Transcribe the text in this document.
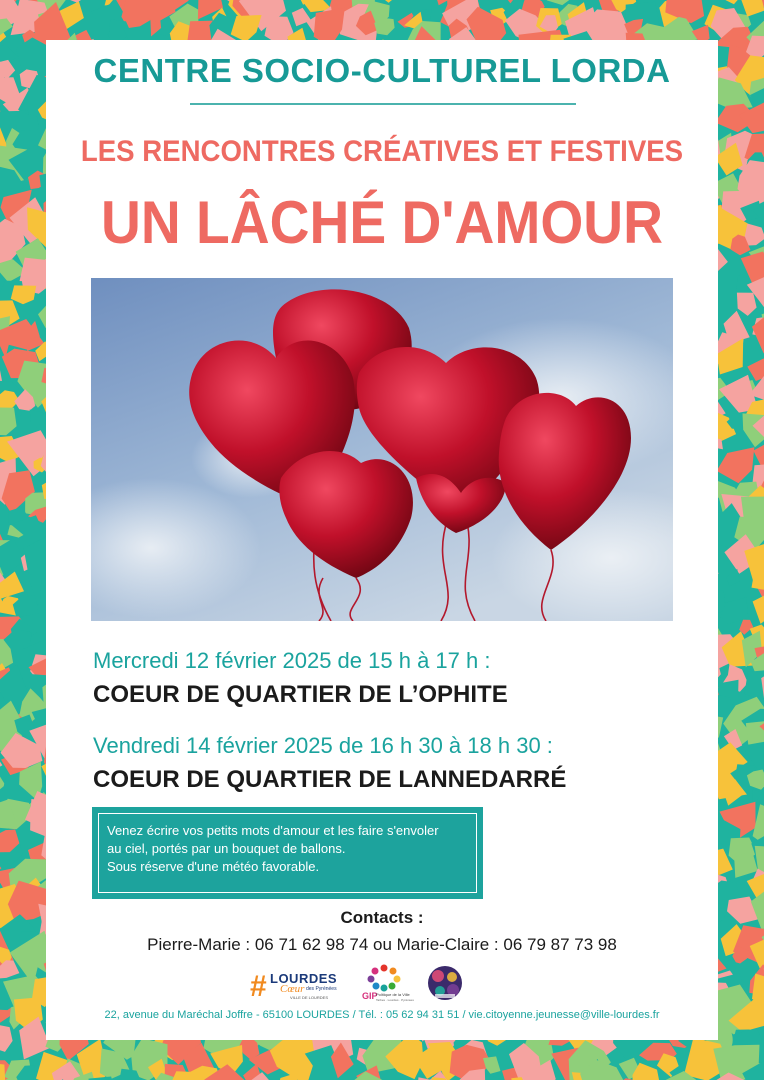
CENTRE SOCIO-CULTUREL LORDA
LES RENCONTRES CRÉATIVES ET FESTIVES
UN LÂCHÉ D'AMOUR
Mercredi 12 février 2025 de 15 h à 17 h :
COEUR DE QUARTIER DE L’OPHITE
Vendredi 14 février 2025 de 16 h 30 à 18 h 30 :
COEUR DE QUARTIER DE LANNEDARRÉ
Venez écrire vos petits mots d'amour et les faire s'envoler
au ciel, portés par un bouquet de ballons.
Sous réserve d'une météo favorable.
Contacts :
Pierre-Marie : 06 71 62 98 74 ou Marie-Claire : 06 79 87 73 98
# LOURDES
Cœur des Pyrénées
VILLE DE LOURDES	GIP
Politique de la Ville
Tarbes · Lourdes · Pyrénées
22, avenue du Maréchal Joffre - 65100 LOURDES / Tél. : 05 62 94 31 51 / vie.citoyenne.jeunesse@ville-lourdes.fr
